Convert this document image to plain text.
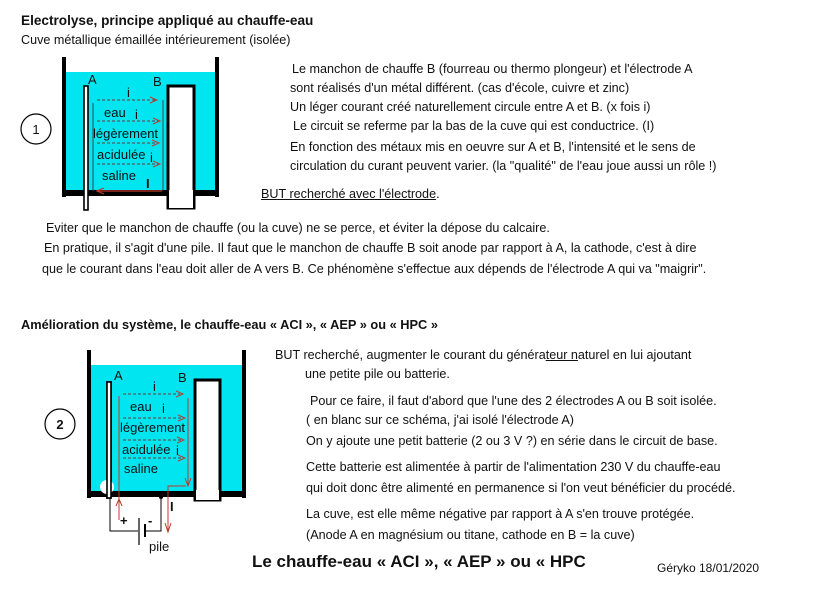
Electrolyse, principe appliqué au chauffe-eau
Cuve métallique émaillée intérieurement (isolée)
1
A	B
i
i
i
I
eau
légèrement
acidulée
saline
Le manchon de chauffe B (fourreau ou thermo plongeur) et l'électrode A
sont réalisés d'un métal différent. (cas d'école, cuivre et zinc)
Un léger courant créé naturellement circule entre A et B. (x fois i)
Le circuit se referme par la bas de la cuve qui est conductrice. (I)
En fonction des métaux mis en oeuvre sur A et B, l'intensité et le sens de
circulation du curant peuvent varier. (la "qualité" de l'eau joue aussi un rôle !)
BUT recherché avec l'électrode.
Eviter que le manchon de chauffe (ou la cuve) ne se perce, et éviter la dépose du calcaire.
En pratique, il s'agit d'une pile. Il faut que le manchon de chauffe B soit anode par rapport à A, la cathode, c'est à dire
que le courant dans l'eau doit aller de A vers B. Ce phénomène s'effectue aux dépends de l'électrode A qui va "maigrir".
Amélioration du système, le chauffe-eau « ACI », « AEP » ou « HPC »
2
A	B
i
i
i
I
eau
légèrement
acidulée
saline
+ -
pile
BUT recherché, augmenter le courant du générateur naturel en lui ajoutant
une petite pile ou batterie.
Pour ce faire, il faut d'abord que l'une des 2 électrodes A ou B soit isolée.
( en blanc sur ce schéma, j'ai isolé l'électrode A)
On y ajoute une petit batterie (2 ou 3 V ?) en série dans le circuit de base.
Cette batterie est alimentée à partir de l'alimentation 230 V du chauffe-eau
qui doit donc être alimenté en permanence si l'on veut bénéficier du procédé.
La cuve, est elle même négative par rapport à A s'en trouve protégée.
(Anode A en magnésium ou titane, cathode en B = la cuve)
Le chauffe-eau « ACI », « AEP » ou « HPC	Géryko 18/01/2020
